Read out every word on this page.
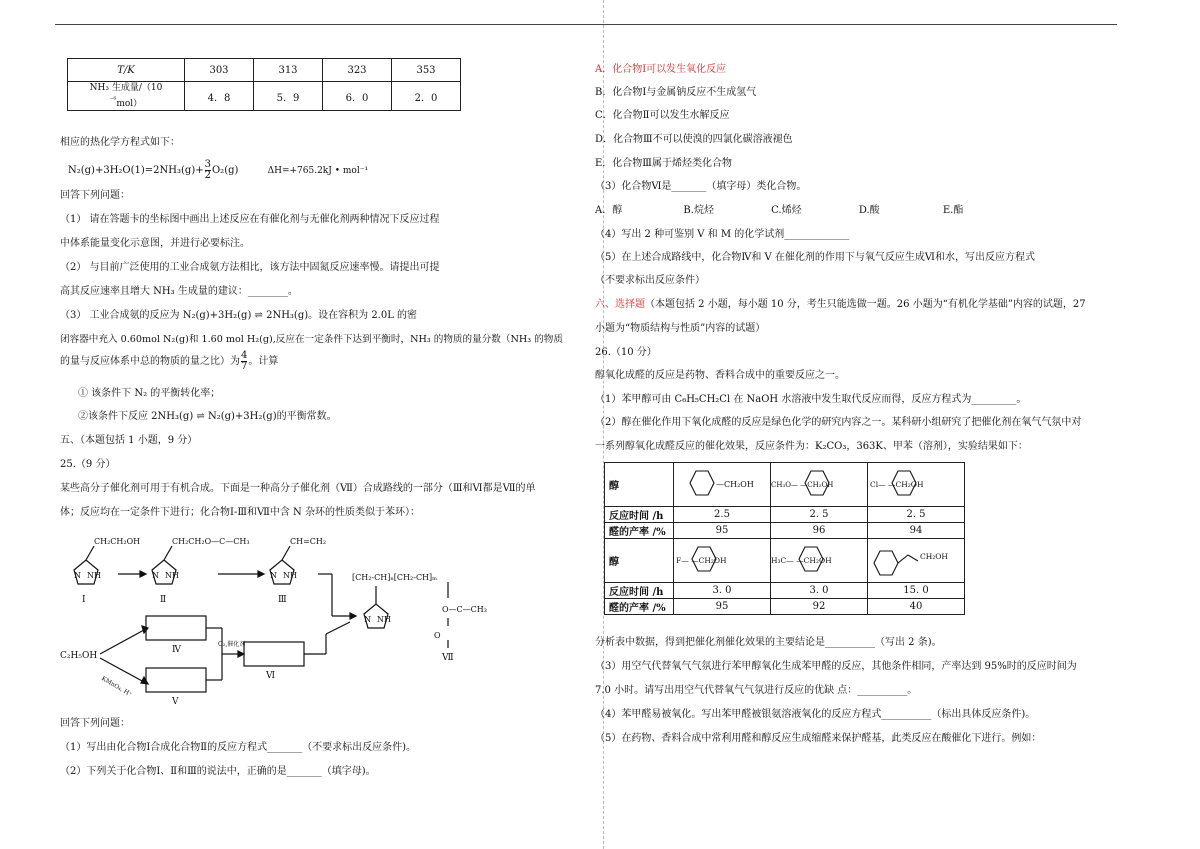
T/K	303	313	323	353
NH₃ 生成量/（10
$^{^{-6}}$mol）	4．8	5．9	6．0	2．0
相应的热化学方程式如下：
$N_2(g)+3H_2O(1)=2NH_3(g)+ \frac{3}{2} O_2(g)$	ΔH=+765.2kJ • mol⁻¹
回答下列问题：
（1） 请在答题卡的坐标图中画出上述反应在有催化剂与无催化剂两种情况下反应过程
中体系能量变化示意图，并进行必要标注。
（2） 与目前广泛使用的工业合成氨方法相比，该方法中固氮反应速率慢。请提出可提
高其反应速率且增大 NH₃ 生成量的建议：________。
（3） 工业合成氨的反应为 N₂(g)+3H₂(g) ⇌ 2NH₃(g)。设在容积为 2.0L 的密
闭容器中充入 0.60mol N₂(g)和 1.60 mol H₂(g),反应在一定条件下达到平衡时，NH₃ 的物质的量分数（NH₃ 的物质
的量与反应体系中总的物质的量之比）为 $\frac{4}{7}$ 。计算
① 该条件下 N₂ 的平衡转化率；
②该条件下反应 2NH₃(g) ⇌ N₂(g)+3H₂(g)的平衡常数。
五、（本题包括 1 小题，9 分）
25.（9 分）
某些高分子催化剂可用于有机合成。下面是一种高分子催化剂（Ⅶ）合成路线的一部分（Ⅲ和Ⅵ都是Ⅶ的单
体；反应均在一定条件下进行；化合物Ⅰ-Ⅲ和Ⅶ中含 N 杂环的性质类似于苯环）：
CH₂CH₂OH
NH
N
Ⅰ
CH₂CH₂O—C—CH₃
NH
N
Ⅱ
CH=CH₂
NH
N
Ⅲ
Ⅳ
Ⅴ
Ⅵ
C₂H₅OH
O₂,催化剂
KMnO₄, H⁺
[CH₂-CH]ₙ[CH₂-CH]ₘ
NH
N
O—C—CH₃
O
Ⅶ
回答下列问题：
（1）写出由化合物Ⅰ合成化合物Ⅱ的反应方程式_______（不要求标出反应条件)。
（2）下列关于化合物Ⅰ、Ⅱ和Ⅲ的说法中，正确的是_______（填字母)。
A．化合物Ⅰ可以发生氧化反应
B．化合物Ⅰ与金属钠反应不生成氢气
C．化合物Ⅱ可以发生水解反应
D．化合物Ⅲ不可以使溴的四氯化碳溶液褪色
E．化合物Ⅲ属于烯烃类化合物
（3）化合物Ⅵ是_______（填字母）类化合物。
A．醇	B.烷烃	C.烯烃	D.酸	E.酯
（4）写出 2 种可鉴别 V 和 M 的化学试剂_____________
（5）在上述合成路线中，化合物Ⅳ和 V 在催化剂的作用下与氧气反应生成Ⅵ和水，写出反应方程式
（不要求标出反应条件）
六、选择题（本题包括 2 小题，每小题 10 分，考生只能选做一题。26 小题为“有机化学基础”内容的试题，27
小题为“物质结构与性质”内容的试题）
26.（10 分）
醇氧化成醛的反应是药物、香料合成中的重要反应之一。
（1）苯甲醇可由 C₆H₅CH₂Cl 在 NaOH 水溶液中发生取代反应而得，反应方程式为_________。
（2）醇在催化作用下氧化成醛的反应是绿色化学的研究内容之一。某科研小组研究了把催化剂在氧气气氛中对
一系列醇氧化成醛反应的催化效果，反应条件为：K₂CO₃，363K、甲苯（溶剂），实验结果如下：
醇	—CH₂OH	CH₃O— —CH₂OH	Cl— —CH₂OH

反应时间 /h	2.5	2. 5	2. 5
醛的产率 /%	95	96	94
醇	F— —CH₂OH	H₃C— —CH₂OH	CH₂OH

反应时间 /h	3. 0	3. 0	15. 0
醛的产率 /%	95	92	40
分析表中数据，得到把催化剂催化效果的主要结论是__________（写出 2 条)。
（3）用空气代替氧气气氛进行苯甲醇氧化生成苯甲醛的反应，其他条件相同，产率达到 95%时的反应时间为
7.0 小时。请写出用空气代替氧气气氛进行反应的优缺 点：__________。
（4）苯甲醛易被氧化。写出苯甲醛被银氨溶液氧化的反应方程式__________（标出具体反应条件)。
（5）在药物、香料合成中常利用醛和醇反应生成缩醛来保护醛基，此类反应在酸催化下进行。例如：
